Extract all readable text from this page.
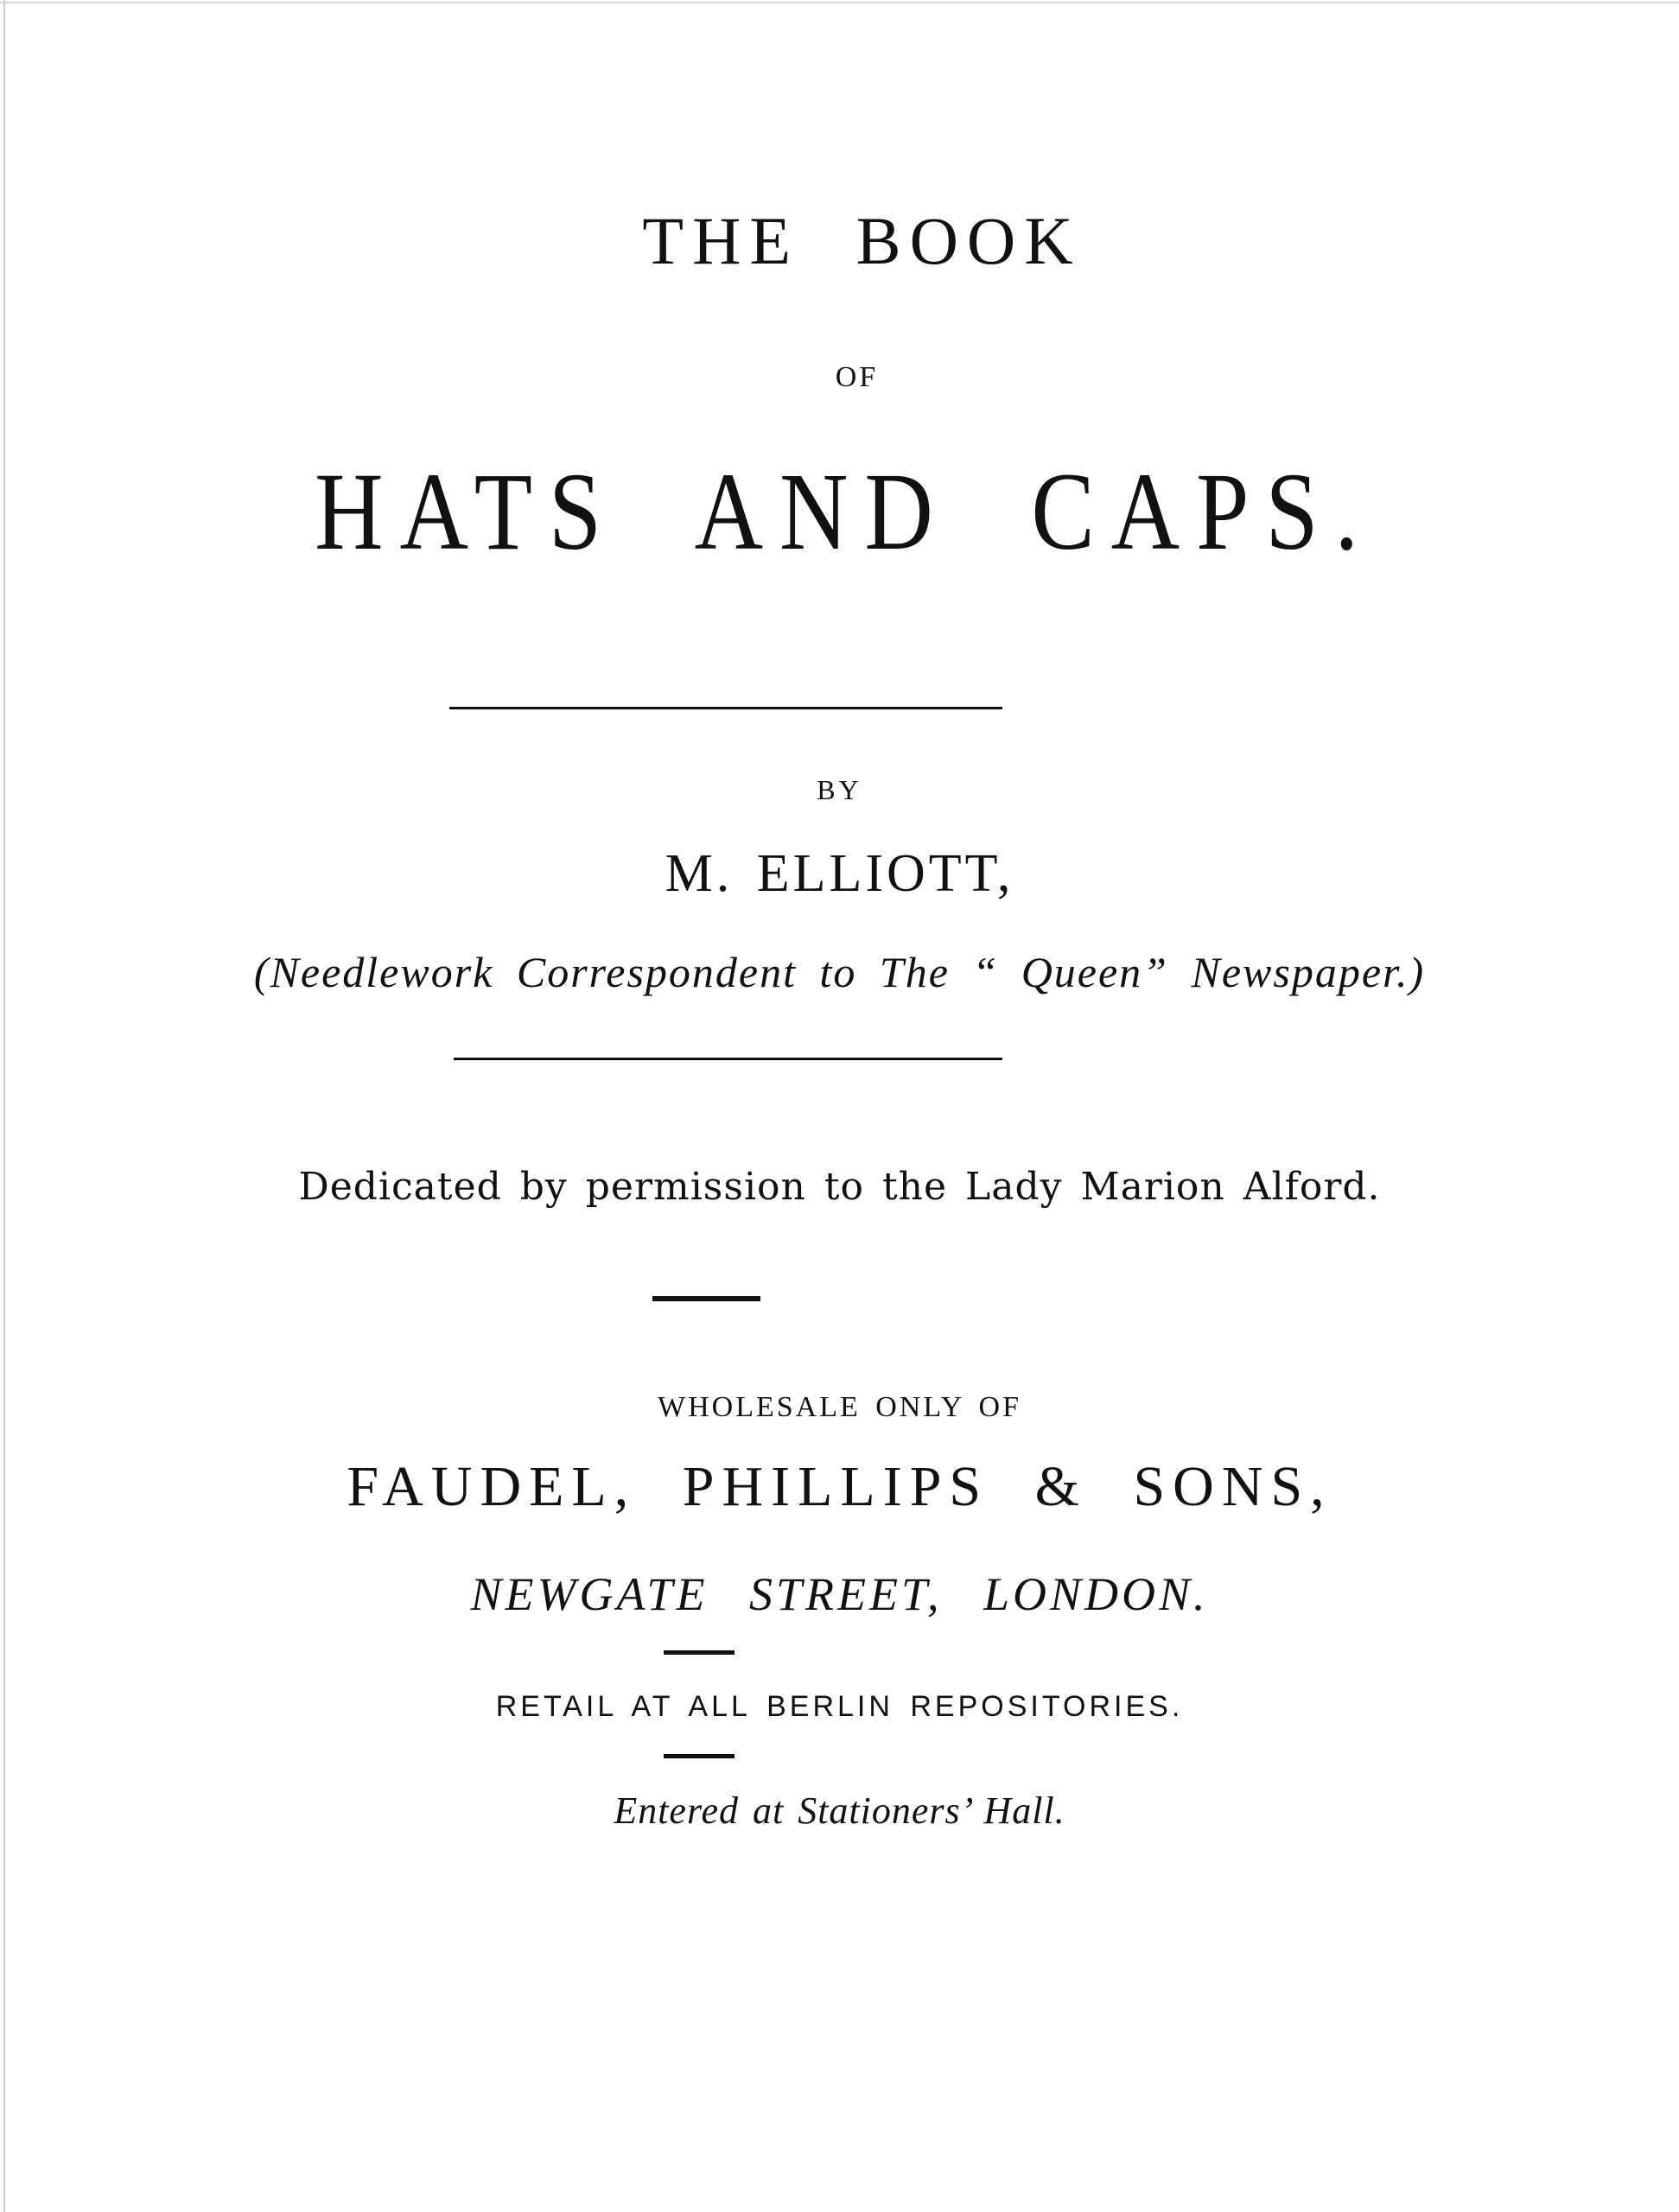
THE BOOK
OF
HATS AND CAPS.
BY
M. ELLIOTT,
(Needlework Correspondent to The “ Queen” Newspaper.)
Dedicated by permission to the Lady Marion Alford.
WHOLESALE ONLY OF
FAUDEL, PHILLIPS & SONS,
NEWGATE STREET, LONDON.
RETAIL AT ALL BERLIN REPOSITORIES.
Entered at Stationers’ Hall.
